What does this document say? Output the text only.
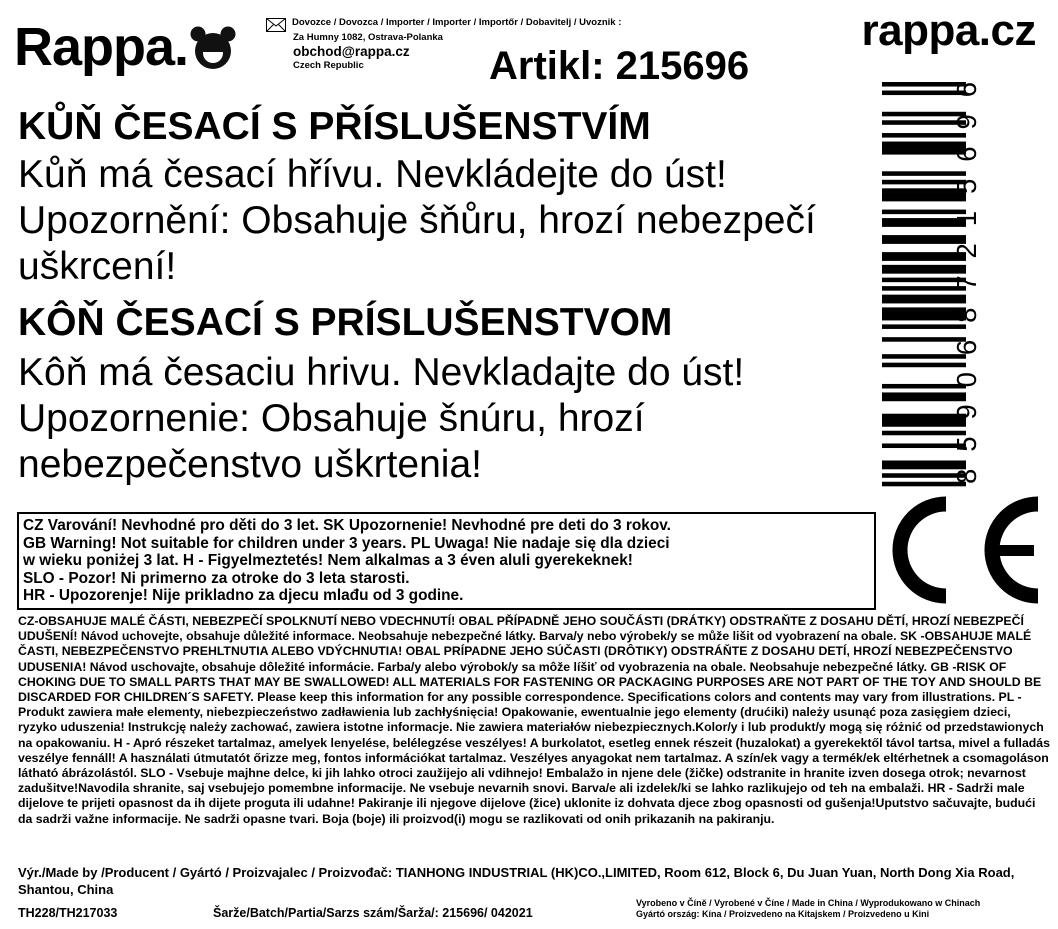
Rappa.	Dovozce / Dovozca / Importer / Importer / Importőr / Dobavitelj / Uvoznik :
Za Humny 1082, Ostrava-Polanka
obchod@rappa.cz
Czech Republic
rappa.cz
Artikl: 215696
KŮŇ ČESACÍ S PŘÍSLUŠENSTVÍM
Kůň má česací hřívu. Nevkládejte do úst! Upozornění: Obsahuje šňůru, hrozí nebezpečí uškrcení!
KÔŇ ČESACÍ S PRÍSLUŠENSTVOM
Kôň má česaciu hrivu. Nevkladajte do úst! Upozornenie: Obsahuje šnúru, hrozí nebezpečenstvo uškrtenia!	8590687215696
CZ Varování! Nevhodné pro děti do 3 let. SK Upozornenie! Nevhodné pre deti do 3 rokov.
GB Warning! Not suitable for children under 3 years. PL Uwaga! Nie nadaje się dla dzieci
w wieku poniżej 3 lat. H - Figyelmeztetés! Nem alkalmas a 3 éven aluli gyerekeknek!
SLO - Pozor! Ni primerno za otroke do 3 leta starosti.
HR - Upozorenje! Nije prikladno za djecu mlađu od 3 godine.
CZ-OBSAHUJE MALÉ ČÁSTI, NEBEZPEČÍ SPOLKNUTÍ NEBO VDECHNUTÍ! OBAL PŘÍPADNĚ JEHO SOUČÁSTI (DRÁTKY) ODSTRAŇTE Z DOSAHU DĚTÍ, HROZÍ NEBEZPEČÍ UDUŠENÍ! Návod uchovejte, obsahuje důležité informace. Neobsahuje nebezpečné látky. Barva/y nebo výrobek/y se může lišit od vyobrazení na obale. SK -OBSAHUJE MALÉ ČASTI, NEBEZPEČENSTVO PREHLTNUTIA ALEBO VDÝCHNUTIA! OBAL PRÍPADNE JEHO SÚČASTI (DRÔTIKY) ODSTRÁŇTE Z DOSAHU DETÍ, HROZÍ NEBEZPEČENSTVO UDUSENIA! Návod uschovajte, obsahuje dôležité informácie. Farba/y alebo výrobok/y sa môže líšiť od vyobrazenia na obale. Neobsahuje nebezpečné látky. GB -RISK OF CHOKING DUE TO SMALL PARTS THAT MAY BE SWALLOWED! ALL MATERIALS FOR FASTENING OR PACKAGING PURPOSES ARE NOT PART OF THE TOY AND SHOULD BE DISCARDED FOR CHILDREN´S SAFETY. Please keep this information for any possible correspondence. Specifications colors and contents may vary from illustrations. PL - Produkt zawiera małe elementy, niebezpieczeństwo zadławienia lub zachłyśnięcia! Opakowanie, ewentualnie jego elementy (drućiki) należy usunąć poza zasięgiem dzieci, ryzyko uduszenia! Instrukcję należy zachować, zawiera istotne informacje. Nie zawiera materiałów niebezpiecznych.Kolor/y i lub produkt/y mogą się różnić od przedstawionych na opakowaniu. H - Apró részeket tartalmaz, amelyek lenyelése, belélegzése veszélyes! A burkolatot, esetleg ennek részeit (huzalokat) a gyerekektől távol tartsa, mivel a fulladás veszélye fennáll! A használati útmutatót őrizze meg, fontos információkat tartalmaz. Veszélyes anyagokat nem tartalmaz. A szín/ek vagy a termék/ek eltérhetnek a csomagoláson látható ábrázolástól. SLO - Vsebuje majhne delce, ki jih lahko otroci zaužijejo ali vdihnejo! Embalažo in njene dele (žičke) odstranite in hranite izven dosega otrok; nevarnost zadušitve!Navodila shranite, saj vsebujejo pomembne informacije. Ne vsebuje nevarnih snovi. Barva/e ali izdelek/ki se lahko razlikujejo od teh na embalaži. HR - Sadrži male dijelove te prijeti opasnost da ih dijete proguta ili udahne! Pakiranje ili njegove dijelove (žice) uklonite iz dohvata djece zbog opasnosti od gušenja!Uputstvo sačuvajte, budući da sadrži važne informacije. Ne sadrži opasne tvari. Boja (boje) ili proizvod(i) mogu se razlikovati od onih prikazanih na pakiranju.
Výr./Made by /Producent / Gyártó / Proizvajalec / Proizvođač: TIANHONG INDUSTRIAL (HK)CO.,LIMITED, Room 612, Block 6, Du Juan Yuan, North Dong Xia Road, Shantou, China
TH228/TH217033	Šarže/Batch/Partia/Sarzs szám/Šarža/: 215696/ 042021
Vyrobeno v Číně / Vyrobené v Číne / Made in China / Wyprodukowano w Chinach
Gyártó ország: Kína / Proizvedeno na Kitajskem / Proizvedeno u Kini
